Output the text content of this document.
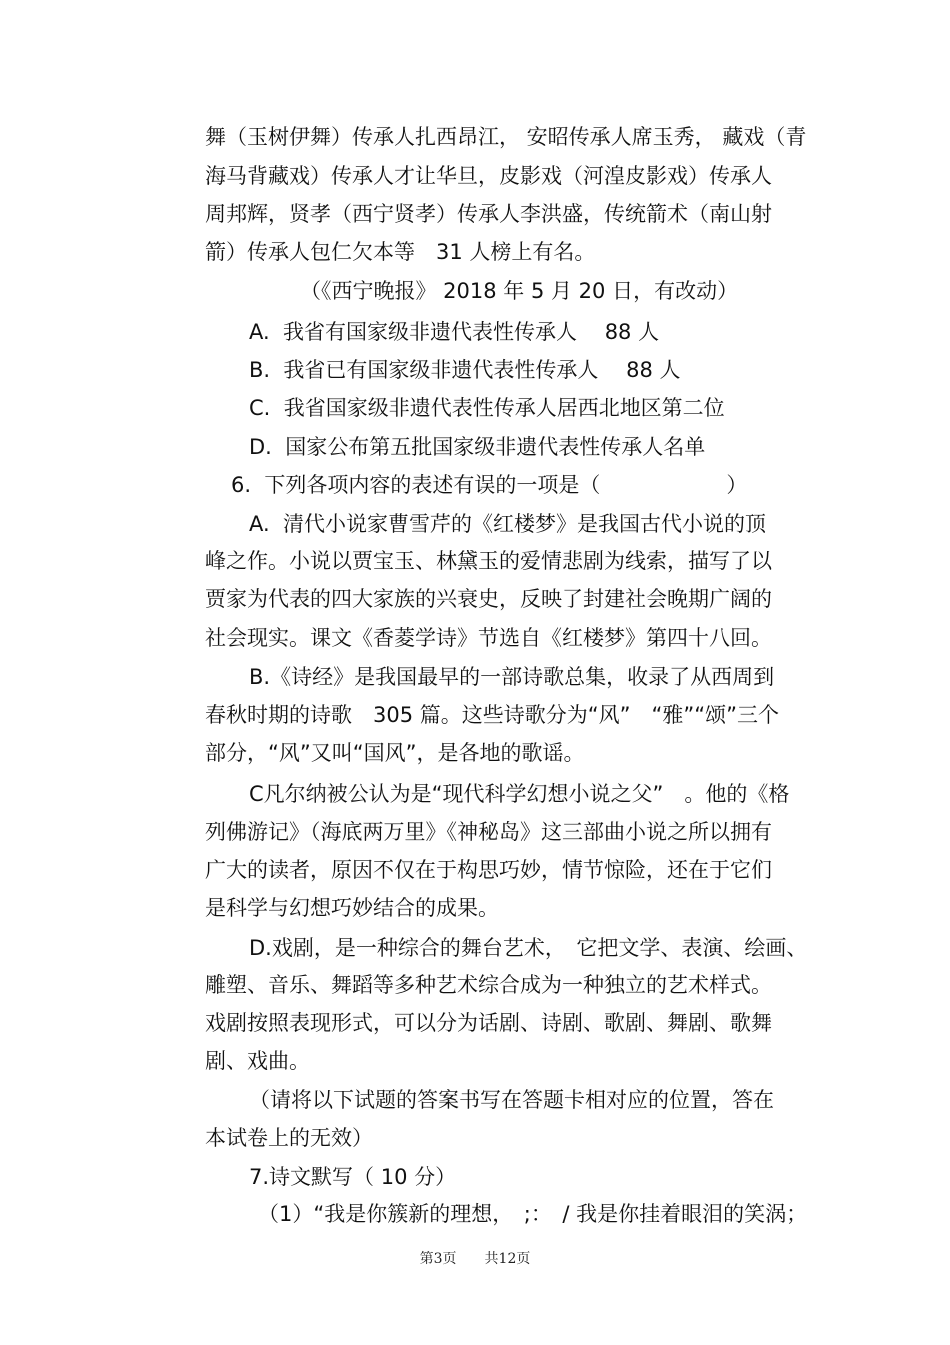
舞（玉树伊舞）传承人扎西昂江， 安昭传承人席玉秀， 藏戏（青
海马背藏戏）传承人才让华旦，皮影戏（河湟皮影戏）传承人
周邦辉，贤孝（西宁贤孝）传承人李洪盛，传统箭术（南山射
箭）传承人包仁欠本等　31 人榜上有名。
（《西宁晚报》 2018 年 5 月 20 日，有改动）
A.  我省有国家级非遗代表性传承人　 88 人
B.  我省已有国家级非遗代表性传承人　 88 人
C.  我省国家级非遗代表性传承人居西北地区第二位
D.  国家公布第五批国家级非遗代表性传承人名单
6.  下列各项内容的表述有误的一项是（　　　　　　）
A.  清代小说家曹雪芹的《红楼梦》是我国古代小说的顶
峰之作。小说以贾宝玉、林黛玉的爱情悲剧为线索，描写了以
贾家为代表的四大家族的兴衰史，反映了封建社会晚期广阔的
社会现实。课文《香菱学诗》节选自《红楼梦》第四十八回。
B.《诗经》是我国最早的一部诗歌总集，收录了从西周到
春秋时期的诗歌　305 篇。这些诗歌分为“风”　“雅”“颂”三个
部分，“风”又叫“国风”，是各地的歌谣。
C凡尔纳被公认为是“现代科学幻想小说之父”　。他的《格
列佛游记》（海底两万里》《神秘岛》这三部曲小说之所以拥有
广大的读者，原因不仅在于构思巧妙，情节惊险，还在于它们
是科学与幻想巧妙结合的成果。
D.戏剧，是一种综合的舞台艺术，　它把文学、表演、绘画、
雕塑、音乐、舞蹈等多种艺术综合成为一种独立的艺术样式。
戏剧按照表现形式，可以分为话剧、诗剧、歌剧、舞剧、歌舞
剧、戏曲。
（请将以下试题的答案书写在答题卡相对应的位置，答在
本试卷上的无效）
7.诗文默写（ 10 分）
（1）“我是你簇新的理想，　;：　/ 我是你挂着眼泪的笑涡；
第3页　　共12页
